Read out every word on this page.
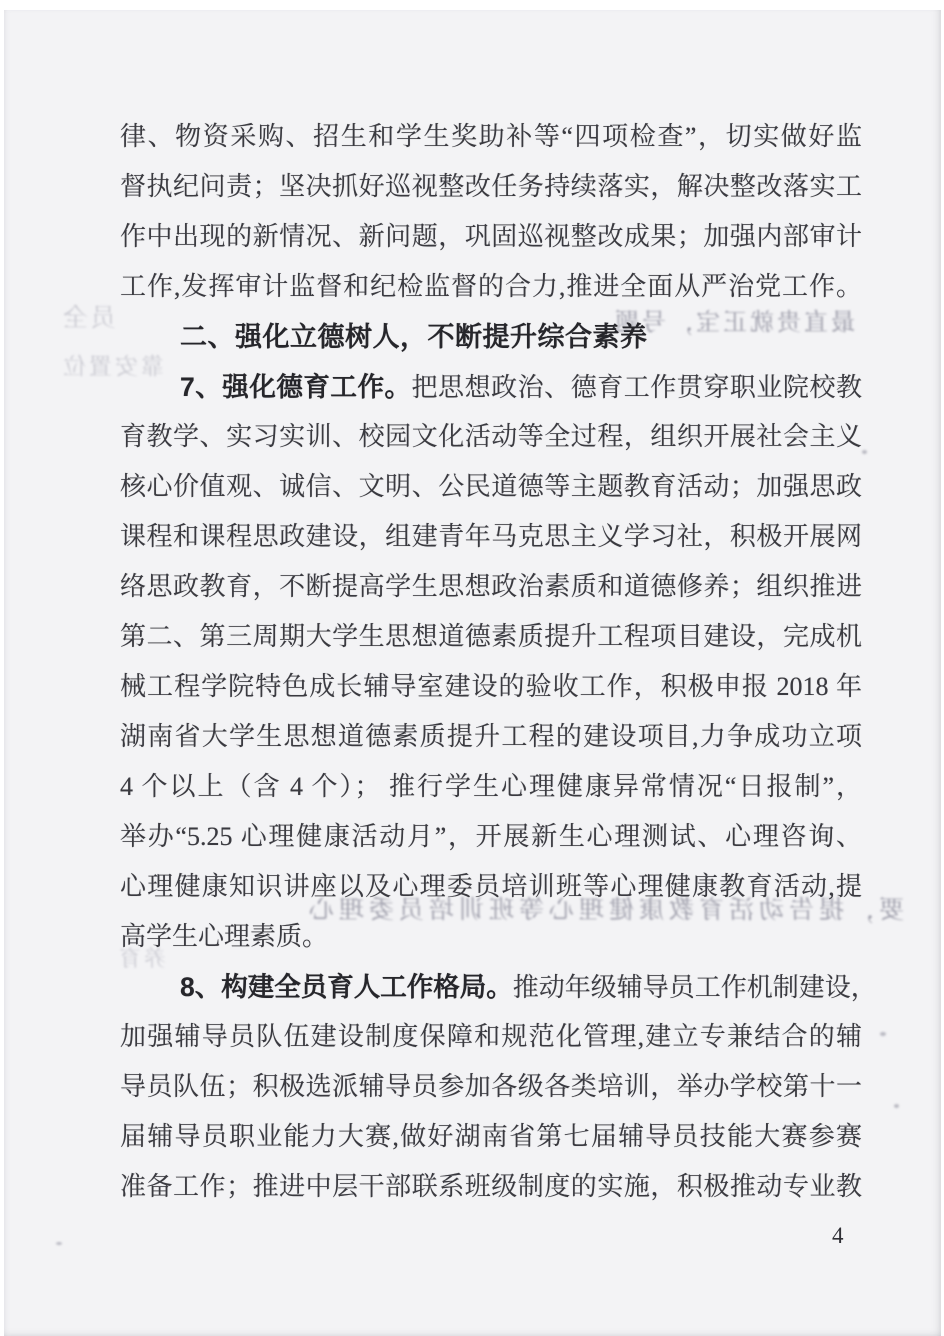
员全	最直贵就正宝，号题
靠安置位
要，提告动活育教康健理心等班训培员委理心
养育
律、物资采购、招生和学生奖助补等“四项检查”，切实做好监
督执纪问责；坚决抓好巡视整改任务持续落实，解决整改落实工
作中出现的新情况、新问题，巩固巡视整改成果；加强内部审计
工作,发挥审计监督和纪检监督的合力,推进全面从严治党工作。
二、强化立德树人，不断提升综合素养
7、强化德育工作。把思想政治、德育工作贯穿职业院校教
育教学、实习实训、校园文化活动等全过程，组织开展社会主义
核心价值观、诚信、文明、公民道德等主题教育活动；加强思政
课程和课程思政建设，组建青年马克思主义学习社，积极开展网
络思政教育，不断提高学生思想政治素质和道德修养；组织推进
第二、第三周期大学生思想道德素质提升工程项目建设，完成机
械工程学院特色成长辅导室建设的验收工作，积极申报 2018 年
湖南省大学生思想道德素质提升工程的建设项目,力争成功立项
4 个以上（含 4 个）； 推行学生心理健康异常情况“日报制”，
举办“5.25 心理健康活动月”，开展新生心理测试、心理咨询、
心理健康知识讲座以及心理委员培训班等心理健康教育活动,提
高学生心理素质。
8、构建全员育人工作格局。推动年级辅导员工作机制建设，
加强辅导员队伍建设制度保障和规范化管理,建立专兼结合的辅
导员队伍；积极选派辅导员参加各级各类培训，举办学校第十一
届辅导员职业能力大赛,做好湖南省第七届辅导员技能大赛参赛
准备工作；推进中层干部联系班级制度的实施，积极推动专业教
4
